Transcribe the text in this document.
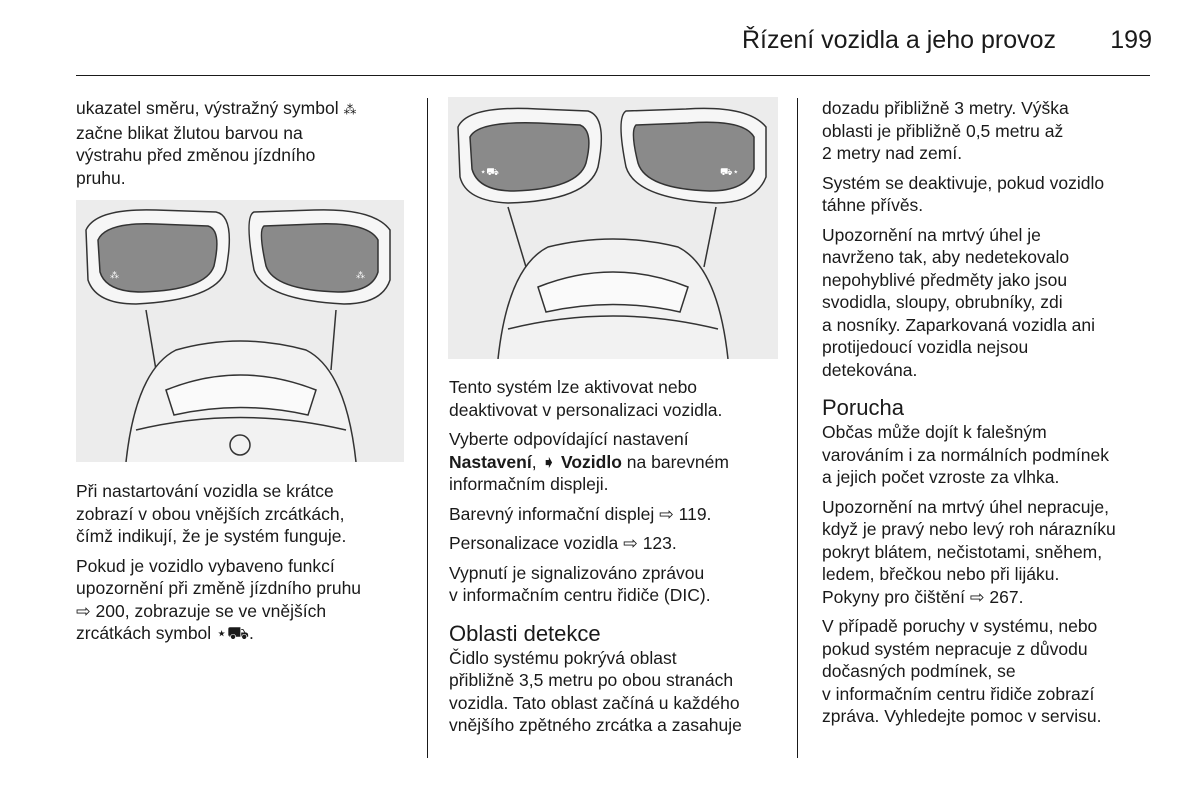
Řízení vozidla a jeho provoz	199

ukazatel směru, výstražný symbol ⁂
začne blikat žlutou barvou na
výstrahu před změnou jízdního
pruhu.

⁂	⁂

Při nastartování vozidla se krátce
zobrazí v obou vnějších zrcátkách,
čímž indikují, že je systém funguje.

Pokud je vozidlo vybaveno funkcí
upozornění při změně jízdního pruhu
⇨ 200, zobrazuje se ve vnějších
zrcátkách symbol ⋆⛟.

⋆⛟	⛟⋆

Tento systém lze aktivovat nebo
deaktivovat v personalizaci vozidla.

Vyberte odpovídající nastavení
Nastavení, ➧ Vozidlo na barevném
informačním displeji.

Barevný informační displej ⇨ 119.

Personalizace vozidla ⇨ 123.

Vypnutí je signalizováno zprávou
v informačním centru řidiče (DIC).

Oblasti detekce

Čidlo systému pokrývá oblast
přibližně 3,5 metru po obou stranách
vozidla. Tato oblast začíná u každého
vnějšího zpětného zrcátka a zasahuje

dozadu přibližně 3 metry. Výška
oblasti je přibližně 0,5 metru až
2 metry nad zemí.

Systém se deaktivuje, pokud vozidlo
táhne přívěs.

Upozornění na mrtvý úhel je
navrženo tak, aby nedetekovalo
nepohyblivé předměty jako jsou
svodidla, sloupy, obrubníky, zdi
a nosníky. Zaparkovaná vozidla ani
protijedoucí vozidla nejsou
detekována.

Porucha

Občas může dojít k falešným
varováním i za normálních podmínek
a jejich počet vzroste za vlhka.

Upozornění na mrtvý úhel nepracuje,
když je pravý nebo levý roh nárazníku
pokryt blátem, nečistotami, sněhem,
ledem, břečkou nebo při lijáku.
Pokyny pro čištění ⇨ 267.

V případě poruchy v systému, nebo
pokud systém nepracuje z důvodu
dočasných podmínek, se
v informačním centru řidiče zobrazí
zpráva. Vyhledejte pomoc v servisu.
